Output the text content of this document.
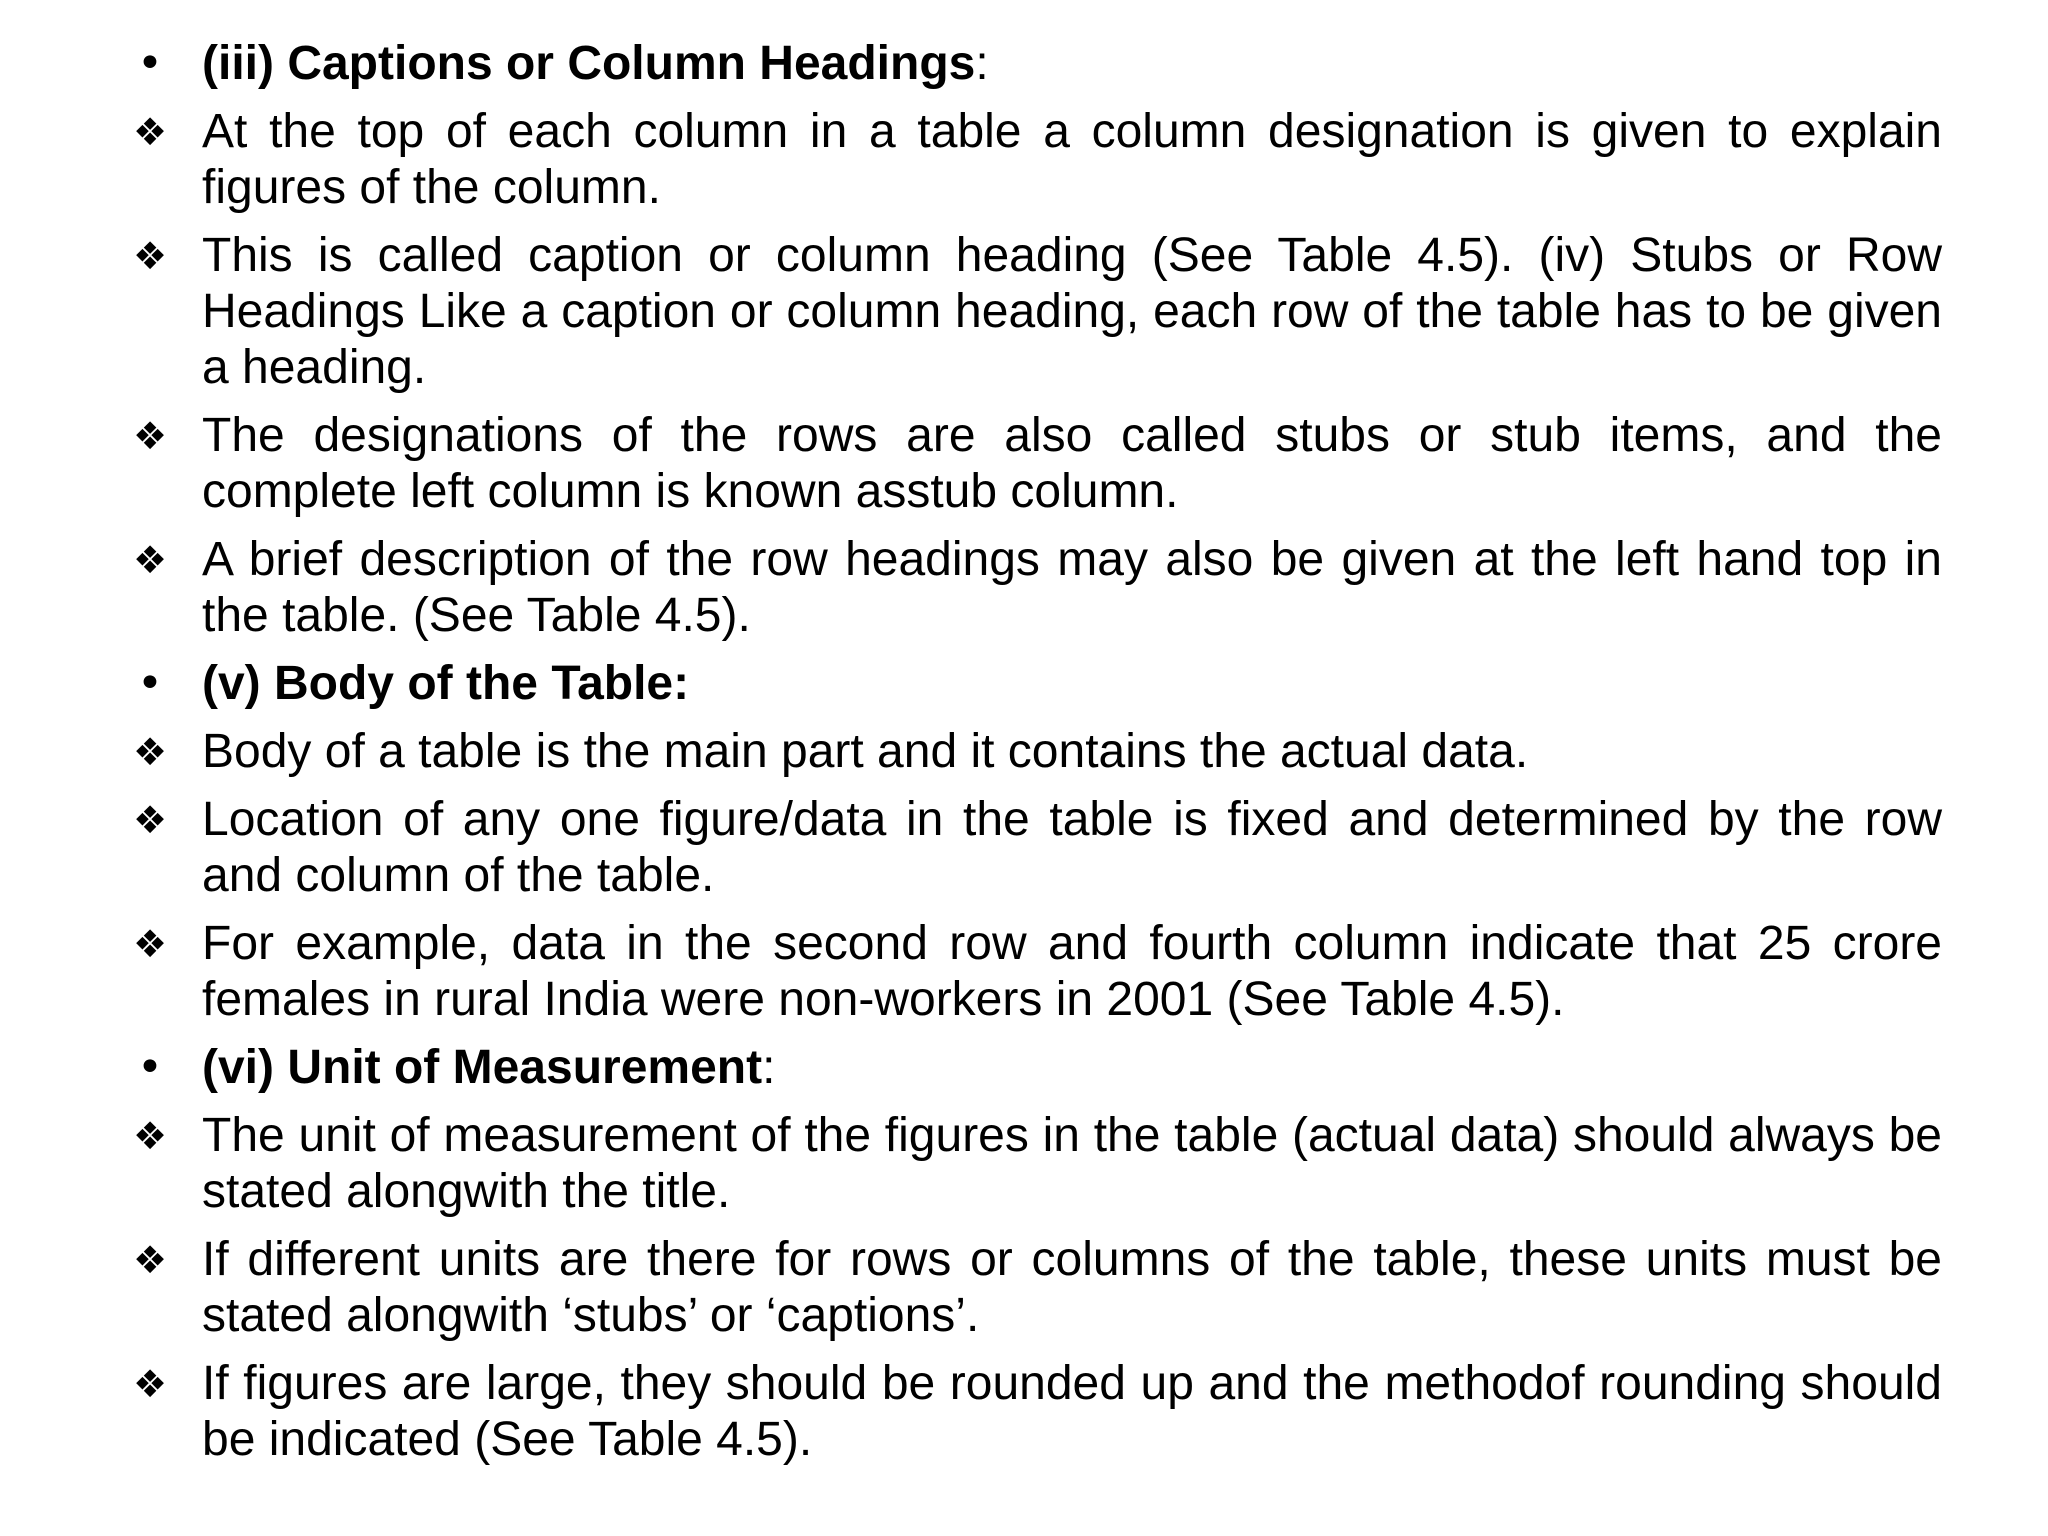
• (iii) Captions or Column Headings:
❖ At the top of each column in a table a column designation is given to explain figures of the column.
❖ This is called caption or column heading (See Table 4.5). (iv) Stubs or Row Headings Like a caption or column heading, each row of the table has to be given a heading.
❖ The designations of the rows are also called stubs or stub items, and the complete left column is known asstub column.
❖ A brief description of the row headings may also be given at the left hand top in the table. (See Table 4.5).
• (v) Body of the Table:
❖ Body of a table is the main part and it contains the actual data.
❖ Location of any one figure/data in the table is fixed and determined by the row and column of the table.
❖ For example, data in the second row and fourth column indicate that 25 crore females in rural India were non-workers in 2001 (See Table 4.5).
• (vi) Unit of Measurement:
❖ The unit of measurement of the figures in the table (actual data) should always be stated alongwith the title.
❖ If different units are there for rows or columns of the table, these units must be stated alongwith ‘stubs’ or ‘captions’.
❖ If figures are large, they should be rounded up and the methodof rounding should be indicated (See Table 4.5).
